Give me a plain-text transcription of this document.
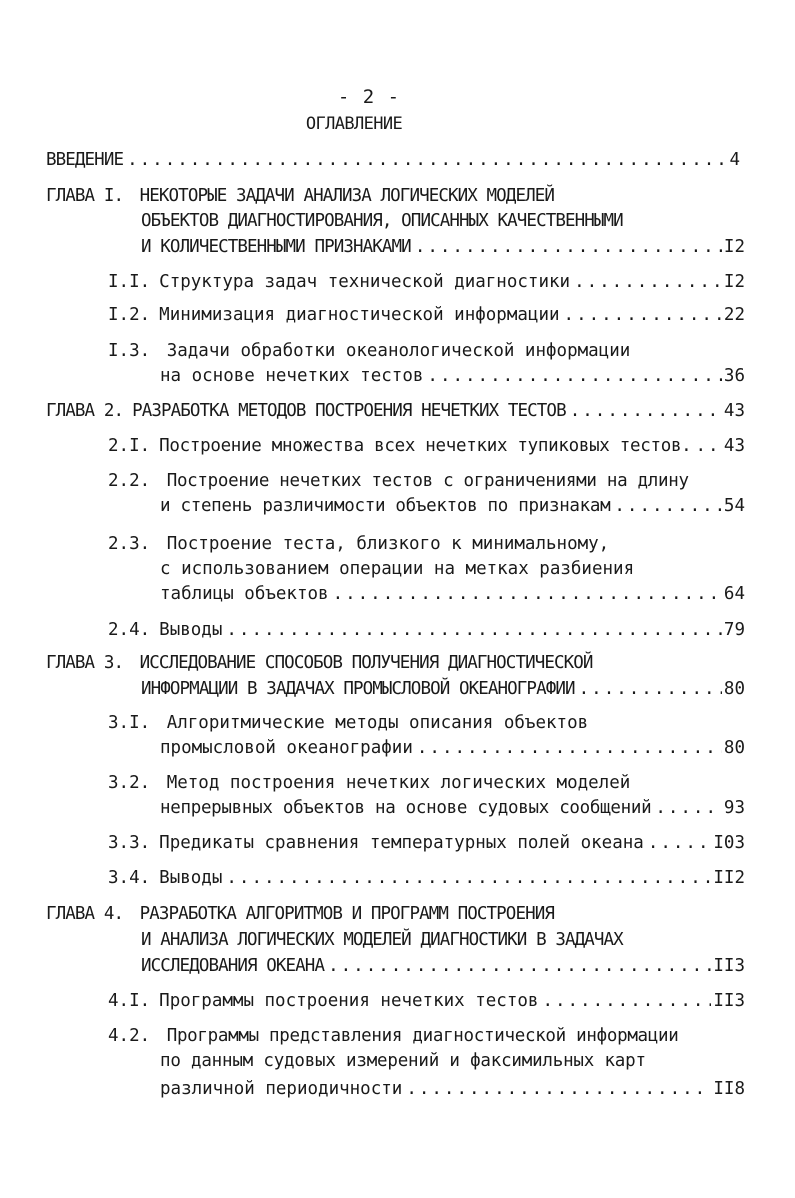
- 2 -
ОГЛАВЛЕНИЕ
ВВЕДЕНИЕ .....	4
ГЛАВА I. НЕКОТОРЫЕ ЗАДАЧИ АНАЛИЗА ЛОГИЧЕСКИХ МОДЕЛЕЙ
ОБЪЕКТОВ ДИАГНОСТИРОВАНИЯ, ОПИСАННЫХ КАЧЕСТВЕННЫМИ
И КОЛИЧЕСТВЕННЫМИ ПРИЗНАКАМИ .....	I2
I.I. Структура задач технической диагностики .....	I2
I.2. Минимизация диагностической информации .....	22
I.3. Задачи обработки океанологической информации
на основе нечетких тестов .....	36
ГЛАВА 2. РАЗРАБОТКА МЕТОДОВ ПОСТРОЕНИЯ НЕЧЕТКИХ ТЕСТОВ .....	43
2.I. Построение множества всех нечетких тупиковых тестов. ..... 43
2.2. Построение нечетких тестов с ограничениями на длину
и степень различимости объектов по признакам .....	54
2.3. Построение теста, близкого к минимальному,
с использованием операции на метках разбиения
таблицы объектов .....	64
2.4. Выводы .....	79
ГЛАВА 3. ИССЛЕДОВАНИЕ СПОСОБОВ ПОЛУЧЕНИЯ ДИАГНОСТИЧЕСКОЙ
ИНФОРМАЦИИ В ЗАДАЧАХ ПРОМЫСЛОВОЙ ОКЕАНОГРАФИИ .....	80
3.I. Алгоритмические методы описания объектов
промысловой океанографии .....	80
3.2. Метод построения нечетких логических моделей
непрерывных объектов на основе судовых сообщений .....	93
3.3. Предикаты сравнения температурных полей океана .....	I03
3.4. Выводы .....	II2
ГЛАВА 4. РАЗРАБОТКА АЛГОРИТМОВ И ПРОГРАММ ПОСТРОЕНИЯ
И АНАЛИЗА ЛОГИЧЕСКИХ МОДЕЛЕЙ ДИАГНОСТИКИ В ЗАДАЧАХ
ИССЛЕДОВАНИЯ ОКЕАНА .....	II3
4.I. Программы построения нечетких тестов .....	II3
4.2. Программы представления диагностической информации
по данным судовых измерений и факсимильных карт
различной периодичности .....	II8
